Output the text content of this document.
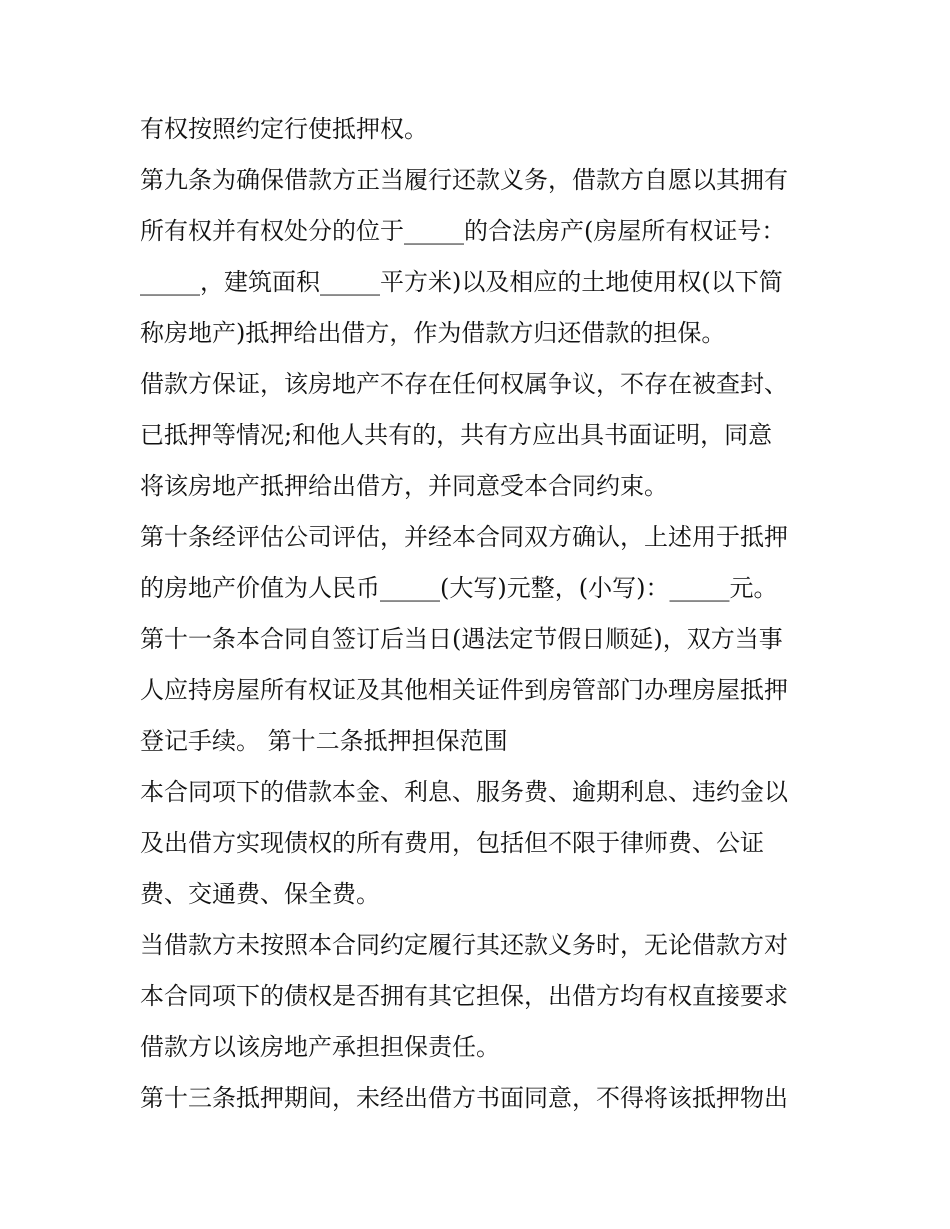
有权按照约定行使抵押权。
第九条为确保借款方正当履行还款义务，借款方自愿以其拥有
所有权并有权处分的位于_____的合法房产(房屋所有权证号：
_____，建筑面积_____平方米)以及相应的土地使用权(以下简
称房地产)抵押给出借方，作为借款方归还借款的担保。
借款方保证，该房地产不存在任何权属争议，不存在被查封、
已抵押等情况;和他人共有的，共有方应出具书面证明，同意
将该房地产抵押给出借方，并同意受本合同约束。
第十条经评估公司评估，并经本合同双方确认，上述用于抵押
的房地产价值为人民币_____(大写)元整，(小写)：_____元。
第十一条本合同自签订后当日(遇法定节假日顺延)，双方当事
人应持房屋所有权证及其他相关证件到房管部门办理房屋抵押
登记手续。 第十二条抵押担保范围
本合同项下的借款本金、利息、服务费、逾期利息、违约金以
及出借方实现债权的所有费用，包括但不限于律师费、公证
费、交通费、保全费。
当借款方未按照本合同约定履行其还款义务时，无论借款方对
本合同项下的债权是否拥有其它担保，出借方均有权直接要求
借款方以该房地产承担担保责任。
第十三条抵押期间，未经出借方书面同意，不得将该抵押物出
